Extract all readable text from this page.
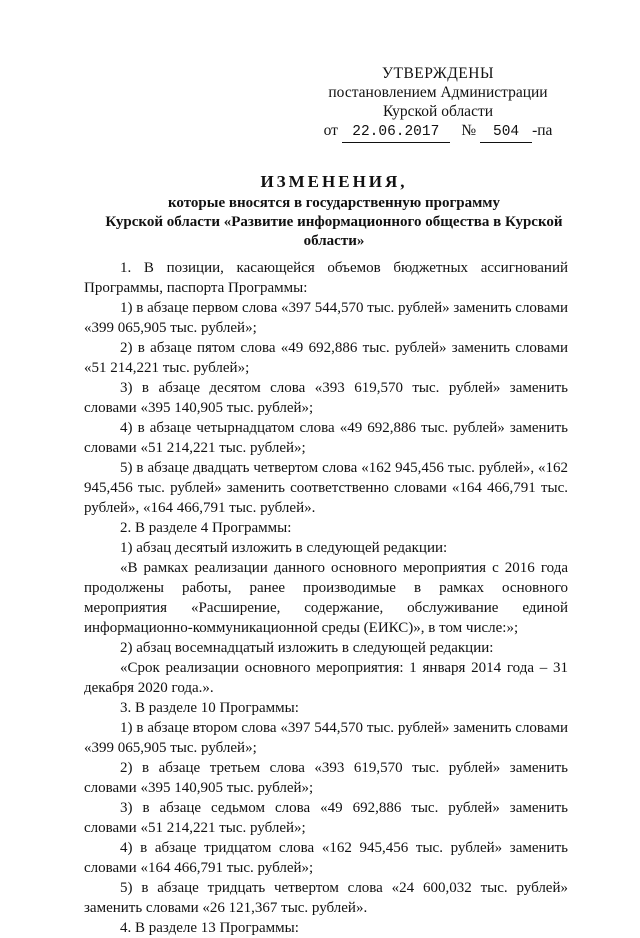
УТВЕРЖДЕНЫ
постановлением Администрации
Курской области
от 22.06.2017 № 504 -па
ИЗМЕНЕНИЯ,
которые вносятся в государственную программу
Курской области «Развитие информационного общества в Курской
области»

1. В позиции, касающейся объемов бюджетных ассигнований Программы, паспорта Программы:

1) в абзаце первом слова «397 544,570 тыс. рублей» заменить словами «399 065,905 тыс. рублей»;

2) в абзаце пятом слова «49 692,886 тыс. рублей» заменить словами «51 214,221 тыс. рублей»;

3) в абзаце десятом слова «393 619,570 тыс. рублей» заменить словами «395 140,905 тыс. рублей»;

4) в абзаце четырнадцатом слова «49 692,886 тыс. рублей» заменить словами «51 214,221 тыс. рублей»;

5) в абзаце двадцать четвертом слова «162 945,456 тыс. рублей», «162 945,456 тыс. рублей» заменить соответственно словами «164 466,791 тыс. рублей», «164 466,791 тыс. рублей».

2. В разделе 4 Программы:

1) абзац десятый изложить в следующей редакции:

«В рамках реализации данного основного мероприятия с 2016 года продолжены работы, ранее производимые в рамках основного мероприятия «Расширение, содержание, обслуживание единой информационно-коммуникационной среды (ЕИКС)», в том числе:»;

2) абзац восемнадцатый изложить в следующей редакции:

«Срок реализации основного мероприятия: 1 января 2014 года – 31 декабря 2020 года.».

3. В разделе 10 Программы:

1) в абзаце втором слова «397 544,570 тыс. рублей» заменить словами «399 065,905 тыс. рублей»;

2) в абзаце третьем слова «393 619,570 тыс. рублей» заменить словами «395 140,905 тыс. рублей»;

3) в абзаце седьмом слова «49 692,886 тыс. рублей» заменить словами «51 214,221 тыс. рублей»;

4) в абзаце тридцатом слова «162 945,456 тыс. рублей» заменить словами «164 466,791 тыс. рублей»;

5) в абзаце тридцать четвертом слова «24 600,032 тыс. рублей» заменить словами «26 121,367 тыс. рублей».

4. В разделе 13 Программы:
